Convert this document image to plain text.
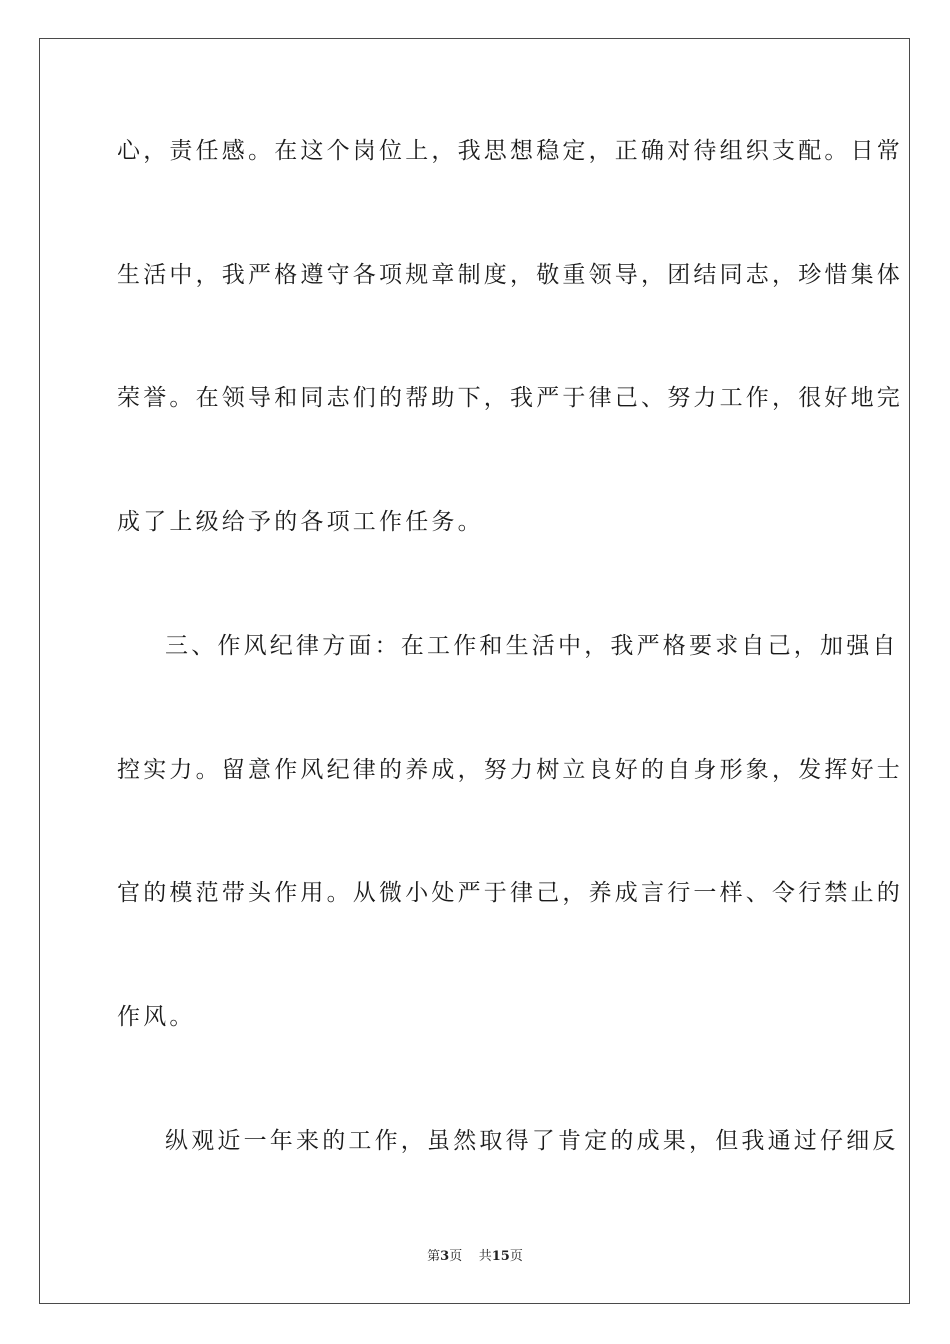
心，责任感。在这个岗位上，我思想稳定，正确对待组织支配。日常
生活中，我严格遵守各项规章制度，敬重领导，团结同志，珍惜集体
荣誉。在领导和同志们的帮助下，我严于律己、努力工作，很好地完
成了上级给予的各项工作任务。
三、作风纪律方面：在工作和生活中，我严格要求自己，加强自
控实力。留意作风纪律的养成，努力树立良好的自身形象，发挥好士
官的模范带头作用。从微小处严于律己，养成言行一样、令行禁止的
作风。
纵观近一年来的工作，虽然取得了肯定的成果，但我通过仔细反
第3页 共15页
